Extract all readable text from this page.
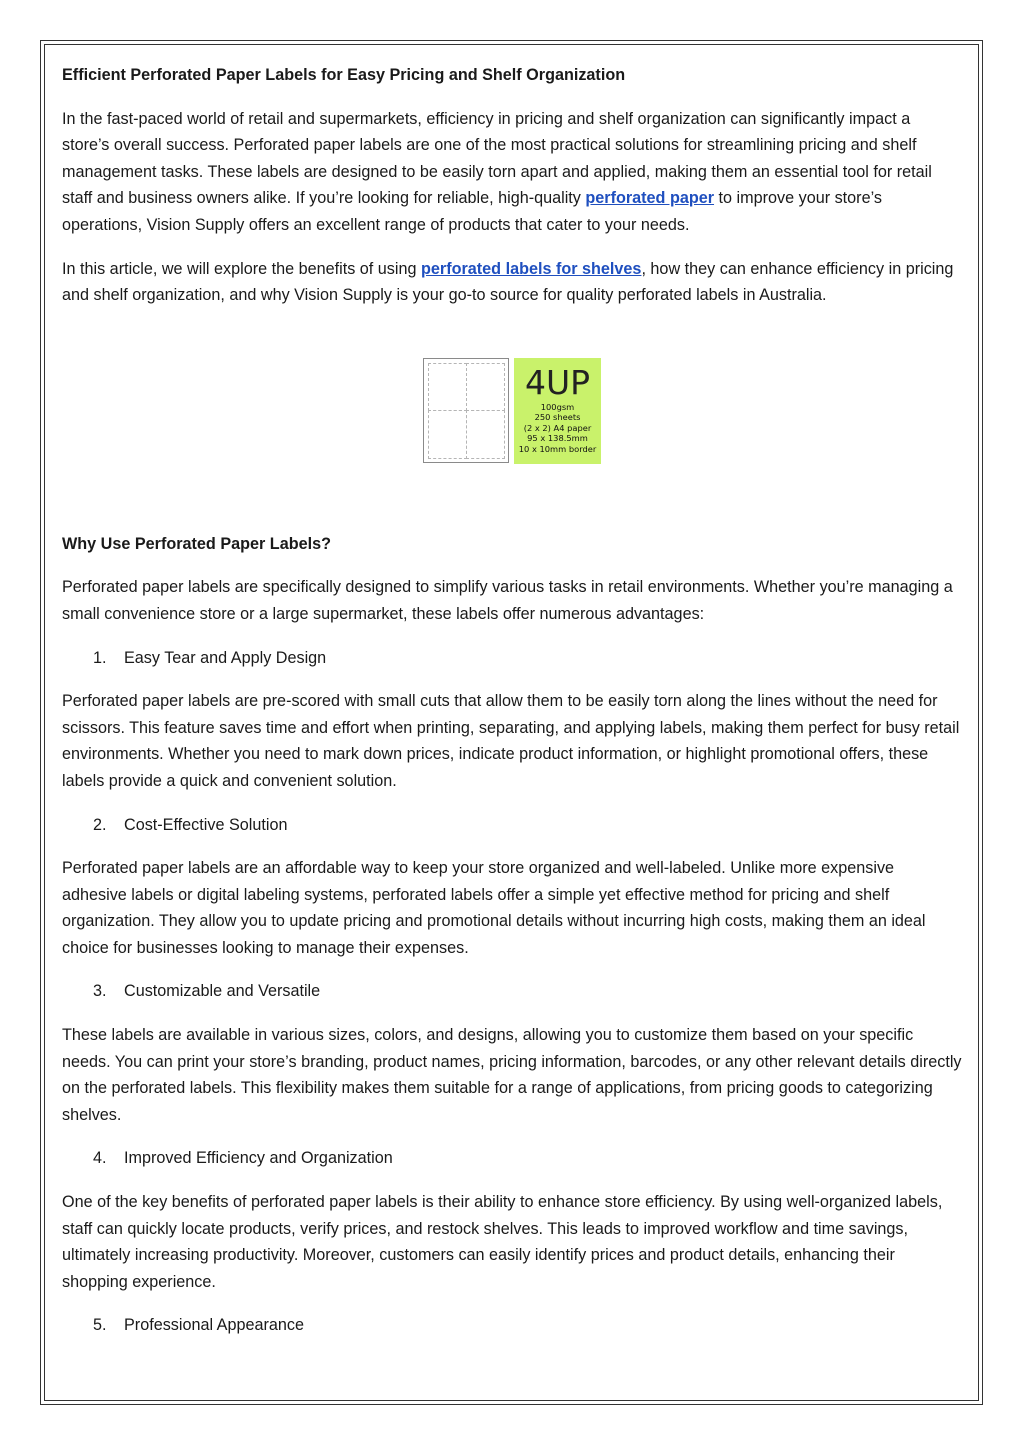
Efficient Perforated Paper Labels for Easy Pricing and Shelf Organization

In the fast-paced world of retail and supermarkets, efficiency in pricing and shelf organization can significantly impact a store’s overall success. Perforated paper labels are one of the most practical solutions for streamlining pricing and shelf management tasks. These labels are designed to be easily torn apart and applied, making them an essential tool for retail staff and business owners alike. If you’re looking for reliable, high-quality perforated paper to improve your store’s operations, Vision Supply offers an excellent range of products that cater to your needs.

In this article, we will explore the benefits of using perforated labels for shelves, how they can enhance efficiency in pricing and shelf organization, and why Vision Supply is your go-to source for quality perforated labels in Australia.

4UP
100gsm
250 sheets
(2 x 2) A4 paper
95 x 138.5mm
10 x 10mm border
Why Use Perforated Paper Labels?

Perforated paper labels are specifically designed to simplify various tasks in retail environments. Whether you’re managing a small convenience store or a large supermarket, these labels offer numerous advantages:

1. Easy Tear and Apply Design

Perforated paper labels are pre-scored with small cuts that allow them to be easily torn along the lines without the need for scissors. This feature saves time and effort when printing, separating, and applying labels, making them perfect for busy retail environments. Whether you need to mark down prices, indicate product information, or highlight promotional offers, these labels provide a quick and convenient solution.

2. Cost-Effective Solution

Perforated paper labels are an affordable way to keep your store organized and well-labeled. Unlike more expensive adhesive labels or digital labeling systems, perforated labels offer a simple yet effective method for pricing and shelf organization. They allow you to update pricing and promotional details without incurring high costs, making them an ideal choice for businesses looking to manage their expenses.

3. Customizable and Versatile

These labels are available in various sizes, colors, and designs, allowing you to customize them based on your specific needs. You can print your store’s branding, product names, pricing information, barcodes, or any other relevant details directly on the perforated labels. This flexibility makes them suitable for a range of applications, from pricing goods to categorizing shelves.

4. Improved Efficiency and Organization

One of the key benefits of perforated paper labels is their ability to enhance store efficiency. By using well-organized labels, staff can quickly locate products, verify prices, and restock shelves. This leads to improved workflow and time savings, ultimately increasing productivity. Moreover, customers can easily identify prices and product details, enhancing their shopping experience.

5. Professional Appearance
